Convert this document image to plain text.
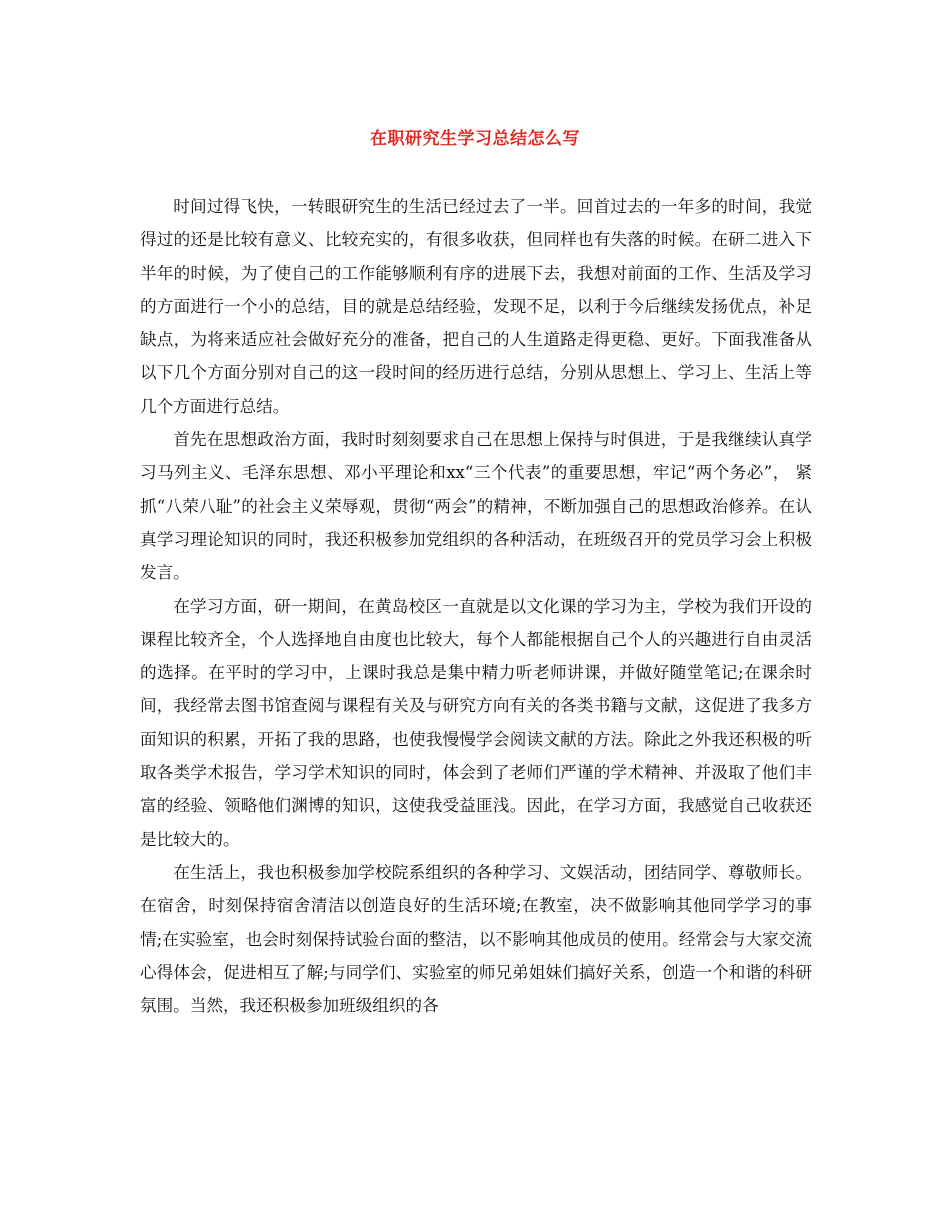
在职研究生学习总结怎么写

时间过得飞快，一转眼研究生的生活已经过去了一半。回首过去的一年多的时间，我觉得过的还是比较有意义、比较充实的，有很多收获，但同样也有失落的时候。在研二进入下半年的时候，为了使自己的工作能够顺利有序的进展下去，我想对前面的工作、生活及学习的方面进行一个小的总结，目的就是总结经验，发现不足，以利于今后继续发扬优点，补足缺点，为将来适应社会做好充分的准备，把自己的人生道路走得更稳、更好。下面我准备从以下几个方面分别对自己的这一段时间的经历进行总结，分别从思想上、学习上、生活上等几个方面进行总结。

首先在思想政治方面，我时时刻刻要求自己在思想上保持与时俱进，于是我继续认真学习马列主义、毛泽东思想、邓小平理论和xx“三个代表”的重要思想，牢记“两个务必”， 紧抓“八荣八耻”的社会主义荣辱观，贯彻“两会”的精神，不断加强自己的思想政治修养。在认真学习理论知识的同时，我还积极参加党组织的各种活动，在班级召开的党员学习会上积极发言。

在学习方面，研一期间，在黄岛校区一直就是以文化课的学习为主，学校为我们开设的课程比较齐全，个人选择地自由度也比较大，每个人都能根据自己个人的兴趣进行自由灵活的选择。在平时的学习中，上课时我总是集中精力听老师讲课，并做好随堂笔记;在课余时间，我经常去图书馆查阅与课程有关及与研究方向有关的各类书籍与文献，这促进了我多方面知识的积累，开拓了我的思路，也使我慢慢学会阅读文献的方法。除此之外我还积极的听取各类学术报告，学习学术知识的同时，体会到了老师们严谨的学术精神、并汲取了他们丰富的经验、领略他们渊博的知识，这使我受益匪浅。因此，在学习方面，我感觉自己收获还是比较大的。

在生活上，我也积极参加学校院系组织的各种学习、文娱活动，团结同学、尊敬师长。在宿舍，时刻保持宿舍清洁以创造良好的生活环境;在教室，决不做影响其他同学学习的事情;在实验室，也会时刻保持试验台面的整洁，以不影响其他成员的使用。经常会与大家交流心得体会，促进相互了解;与同学们、实验室的师兄弟姐妹们搞好关系，创造一个和谐的科研氛围。当然，我还积极参加班级组织的各
